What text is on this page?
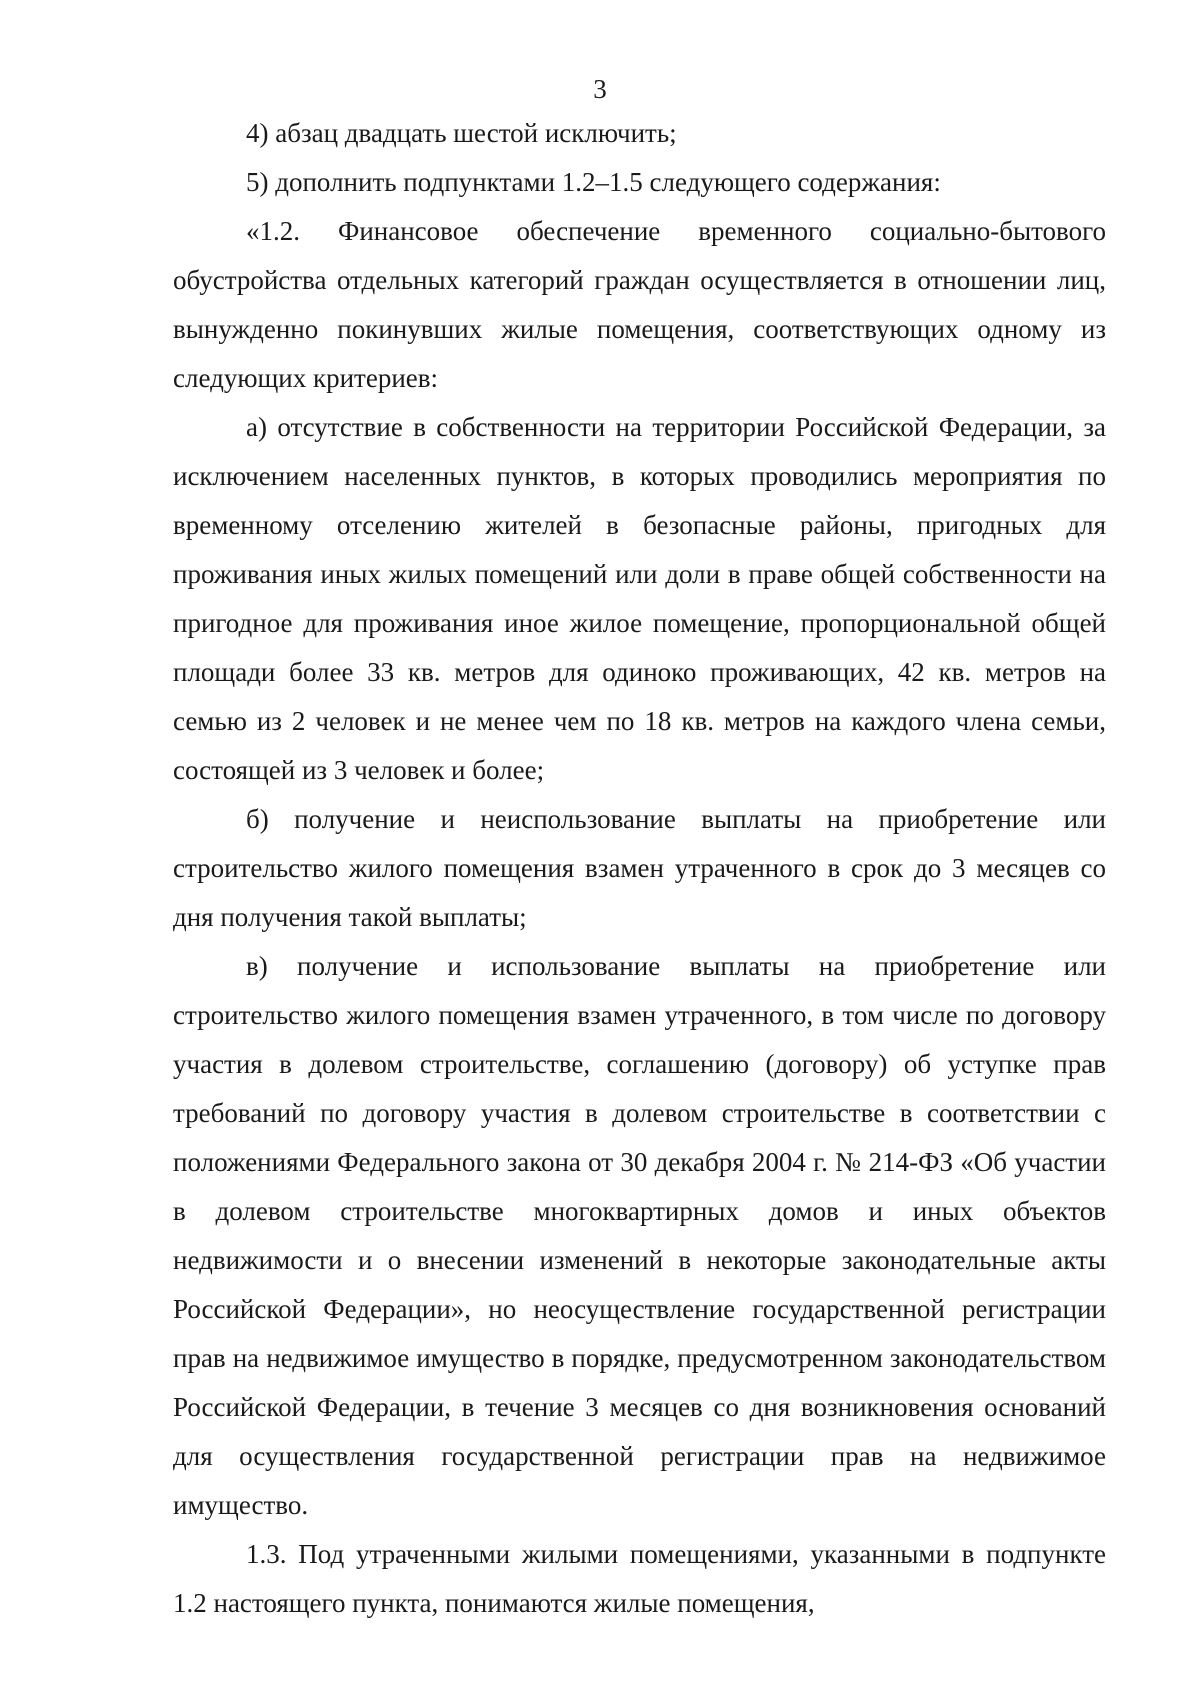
3

4) абзац двадцать шестой исключить;

5) дополнить подпунктами 1.2–1.5 следующего содержания:

«1.2. Финансовое обеспечение временного социально-бытового обустройства отдельных категорий граждан осуществляется в отношении лиц, вынужденно покинувших жилые помещения, соответствующих одному из следующих критериев:

а) отсутствие в собственности на территории Российской Федерации, за исключением населенных пунктов, в которых проводились мероприятия по временному отселению жителей в безопасные районы, пригодных для проживания иных жилых помещений или доли в праве общей собственности на пригодное для проживания иное жилое помещение, пропорциональной общей площади более 33 кв. метров для одиноко проживающих, 42 кв. метров на семью из 2 человек и не менее чем по 18 кв. метров на каждого члена семьи, состоящей из 3 человек и более;

б) получение и неиспользование выплаты на приобретение или строительство жилого помещения взамен утраченного в срок до 3 месяцев со дня получения такой выплаты;

в) получение и использование выплаты на приобретение или строительство жилого помещения взамен утраченного, в том числе по договору участия в долевом строительстве, соглашению (договору) об уступке прав требований по договору участия в долевом строительстве в соответствии с положениями Федерального закона от 30 декабря 2004 г. № 214-ФЗ «Об участии в долевом строительстве многоквартирных домов и иных объектов недвижимости и о внесении изменений в некоторые законодательные акты Российской Федерации», но неосуществление государственной регистрации прав на недвижимое имущество в порядке, предусмотренном законодательством Российской Федерации, в течение 3 месяцев со дня возникновения оснований для осуществления государственной регистрации прав на недвижимое имущество.

1.3. Под утраченными жилыми помещениями, указанными в подпункте 1.2 настоящего пункта, понимаются жилые помещения,
